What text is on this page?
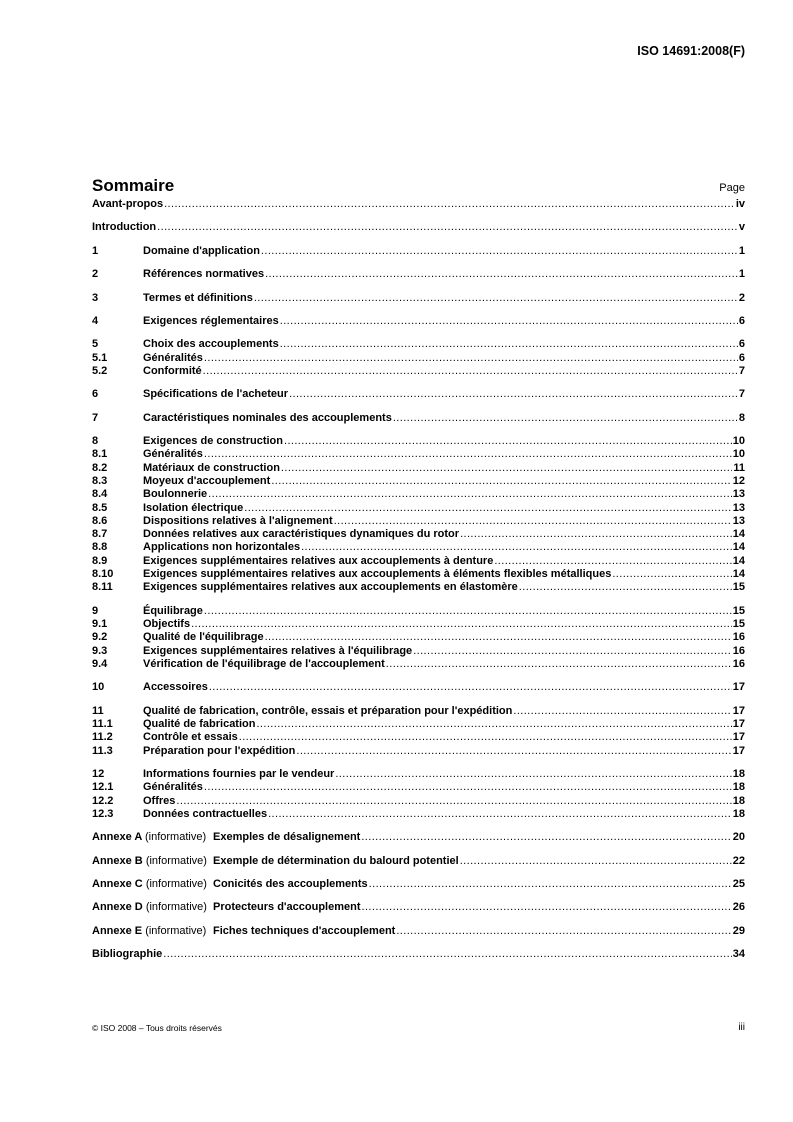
ISO 14691:2008(F)
Sommaire	Page
Avant-propos .....	iv
Introduction .....	v
1	Domaine d'application .....	1
2	Références normatives .....	1
3	Termes et définitions .....	2
4	Exigences réglementaires .....	6
5	Choix des accouplements .....	6
5.1	Généralités .....	6
5.2	Conformité .....	7
6	Spécifications de l'acheteur .....	7
7	Caractéristiques nominales des accouplements .....	8
8	Exigences de construction .....	10
8.1	Généralités .....	10
8.2	Matériaux de construction .....	11
8.3	Moyeux d'accouplement .....	12
8.4	Boulonnerie .....	13
8.5	Isolation électrique .....	13
8.6	Dispositions relatives à l'alignement .....	13
8.7	Données relatives aux caractéristiques dynamiques du rotor .....	14
8.8	Applications non horizontales .....	14
8.9	Exigences supplémentaires relatives aux accouplements à denture .....	14
8.10	Exigences supplémentaires relatives aux accouplements à éléments flexibles métalliques .....	14
8.11	Exigences supplémentaires relatives aux accouplements en élastomère .....	15
9	Équilibrage .....	15
9.1	Objectifs .....	15
9.2	Qualité de l'équilibrage .....	16
9.3	Exigences supplémentaires relatives à l'équilibrage .....	16
9.4	Vérification de l'équilibrage de l'accouplement .....	16
10	Accessoires .....	17
11	Qualité de fabrication, contrôle, essais et préparation pour l'expédition .....	17
11.1	Qualité de fabrication .....	17
11.2	Contrôle et essais .....	17
11.3	Préparation pour l'expédition .....	17
12	Informations fournies par le vendeur .....	18
12.1	Généralités .....	18
12.2	Offres .....	18
12.3	Données contractuelles .....	18
Annexe A (informative) Exemples de désalignement .....	20
Annexe B (informative) Exemple de détermination du balourd potentiel .....	22
Annexe C (informative) Conicités des accouplements .....	25
Annexe D (informative) Protecteurs d'accouplement .....	26
Annexe E (informative) Fiches techniques d'accouplement .....	29
Bibliographie .....	34
© ISO 2008 – Tous droits réservés	iii
